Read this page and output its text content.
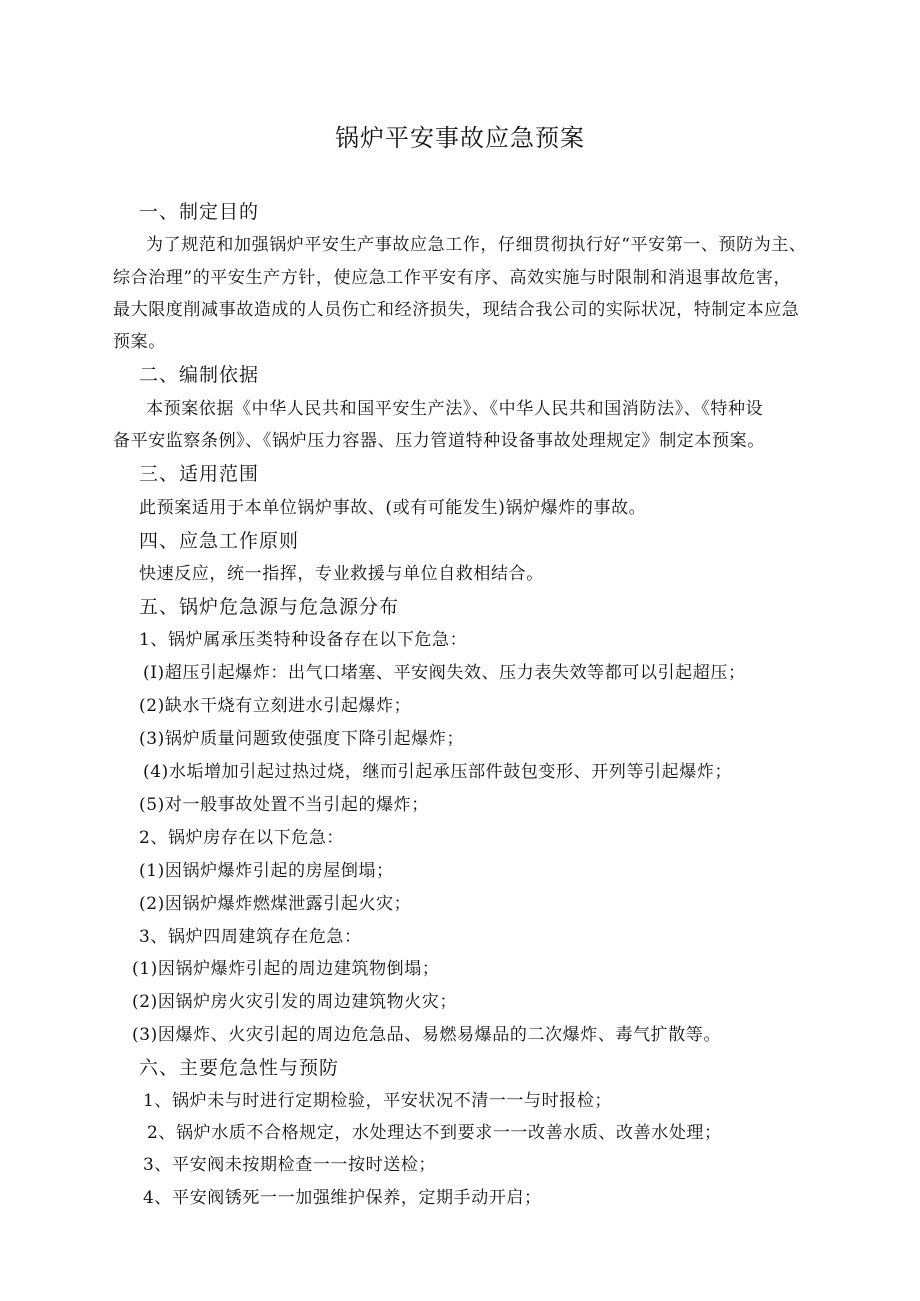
锅炉平安事故应急预案
一、制定目的
为了规范和加强锅炉平安生产事故应急工作，仔细贯彻执行好“平安第一、预防为主、
综合治理”的平安生产方针，使应急工作平安有序、高效实施与时限制和消退事故危害，
最大限度削减事故造成的人员伤亡和经济损失，现结合我公司的实际状况，特制定本应急
预案。
二、编制依据
本预案依据《中华人民共和国平安生产法》、《中华人民共和国消防法》、《特种设
备平安监察条例》、《锅炉压力容器、压力管道特种设备事故处理规定》制定本预案。
三、适用范围
此预案适用于本单位锅炉事故、(或有可能发生)锅炉爆炸的事故。
四、应急工作原则
快速反应，统一指挥，专业救援与单位自救相结合。
五、锅炉危急源与危急源分布
1、锅炉属承压类特种设备存在以下危急：
(I)超压引起爆炸：出气口堵塞、平安阀失效、压力表失效等都可以引起超压；
(2)缺水干烧有立刻进水引起爆炸；
(3)锅炉质量问题致使强度下降引起爆炸；
(4)水垢增加引起过热过烧，继而引起承压部件鼓包变形、开列等引起爆炸；
(5)对一般事故处置不当引起的爆炸；
2、锅炉房存在以下危急：
(1)因锅炉爆炸引起的房屋倒塌；
(2)因锅炉爆炸燃煤泄露引起火灾；
3、锅炉四周建筑存在危急：
(1)因锅炉爆炸引起的周边建筑物倒塌；
(2)因锅炉房火灾引发的周边建筑物火灾；
(3)因爆炸、火灾引起的周边危急品、易燃易爆品的二次爆炸、毒气扩散等。
六、主要危急性与预防
1、锅炉未与时进行定期检验，平安状况不清一一与时报检；
2、锅炉水质不合格规定，水处理达不到要求一一改善水质、改善水处理；
3、平安阀未按期检查一一按时送检；
4、平安阀锈死一一加强维护保养，定期手动开启；
